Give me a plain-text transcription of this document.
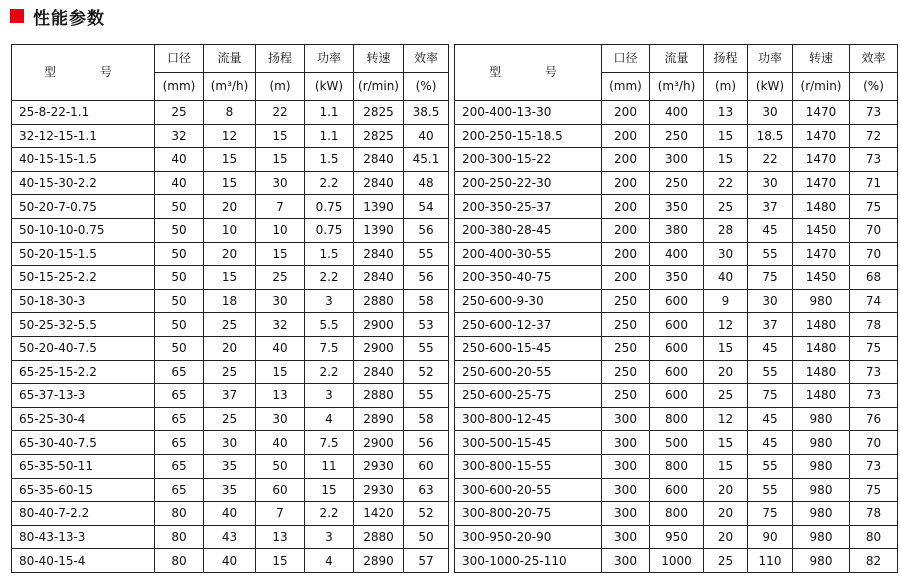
性能参数
型 号	口径	流量	扬程	功率	转速	效率
	(mm)	(m³/h)	(m)	(kW)	(r/min)	(%)
25-8-22-1.1	25	8	22	1.1	2825	38.5
32-12-15-1.1	32	12	15	1.1	2825	40
40-15-15-1.5	40	15	15	1.5	2840	45.1
40-15-30-2.2	40	15	30	2.2	2840	48
50-20-7-0.75	50	20	7	0.75	1390	54
50-10-10-0.75	50	10	10	0.75	1390	56
50-20-15-1.5	50	20	15	1.5	2840	55
50-15-25-2.2	50	15	25	2.2	2840	56
50-18-30-3	50	18	30	3	2880	58
50-25-32-5.5	50	25	32	5.5	2900	53
50-20-40-7.5	50	20	40	7.5	2900	55
65-25-15-2.2	65	25	15	2.2	2840	52
65-37-13-3	65	37	13	3	2880	55
65-25-30-4	65	25	30	4	2890	58
65-30-40-7.5	65	30	40	7.5	2900	56
65-35-50-11	65	35	50	11	2930	60
65-35-60-15	65	35	60	15	2930	63
80-40-7-2.2	80	40	7	2.2	1420	52
80-43-13-3	80	43	13	3	2880	50
80-40-15-4	80	40	15	4	2890	57
型 号	口径	流量	扬程	功率	转速	效率
	(mm)	(m³/h)	(m)	(kW)	(r/min)	(%)
200-400-13-30	200	400	13	30	1470	73
200-250-15-18.5	200	250	15	18.5	1470	72
200-300-15-22	200	300	15	22	1470	73
200-250-22-30	200	250	22	30	1470	71
200-350-25-37	200	350	25	37	1480	75
200-380-28-45	200	380	28	45	1450	70
200-400-30-55	200	400	30	55	1470	70
200-350-40-75	200	350	40	75	1450	68
250-600-9-30	250	600	9	30	980	74
250-600-12-37	250	600	12	37	1480	78
250-600-15-45	250	600	15	45	1480	75
250-600-20-55	250	600	20	55	1480	73
250-600-25-75	250	600	25	75	1480	73
300-800-12-45	300	800	12	45	980	76
300-500-15-45	300	500	15	45	980	70
300-800-15-55	300	800	15	55	980	73
300-600-20-55	300	600	20	55	980	75
300-800-20-75	300	800	20	75	980	78
300-950-20-90	300	950	20	90	980	80
300-1000-25-110	300	1000	25	110	980	82
